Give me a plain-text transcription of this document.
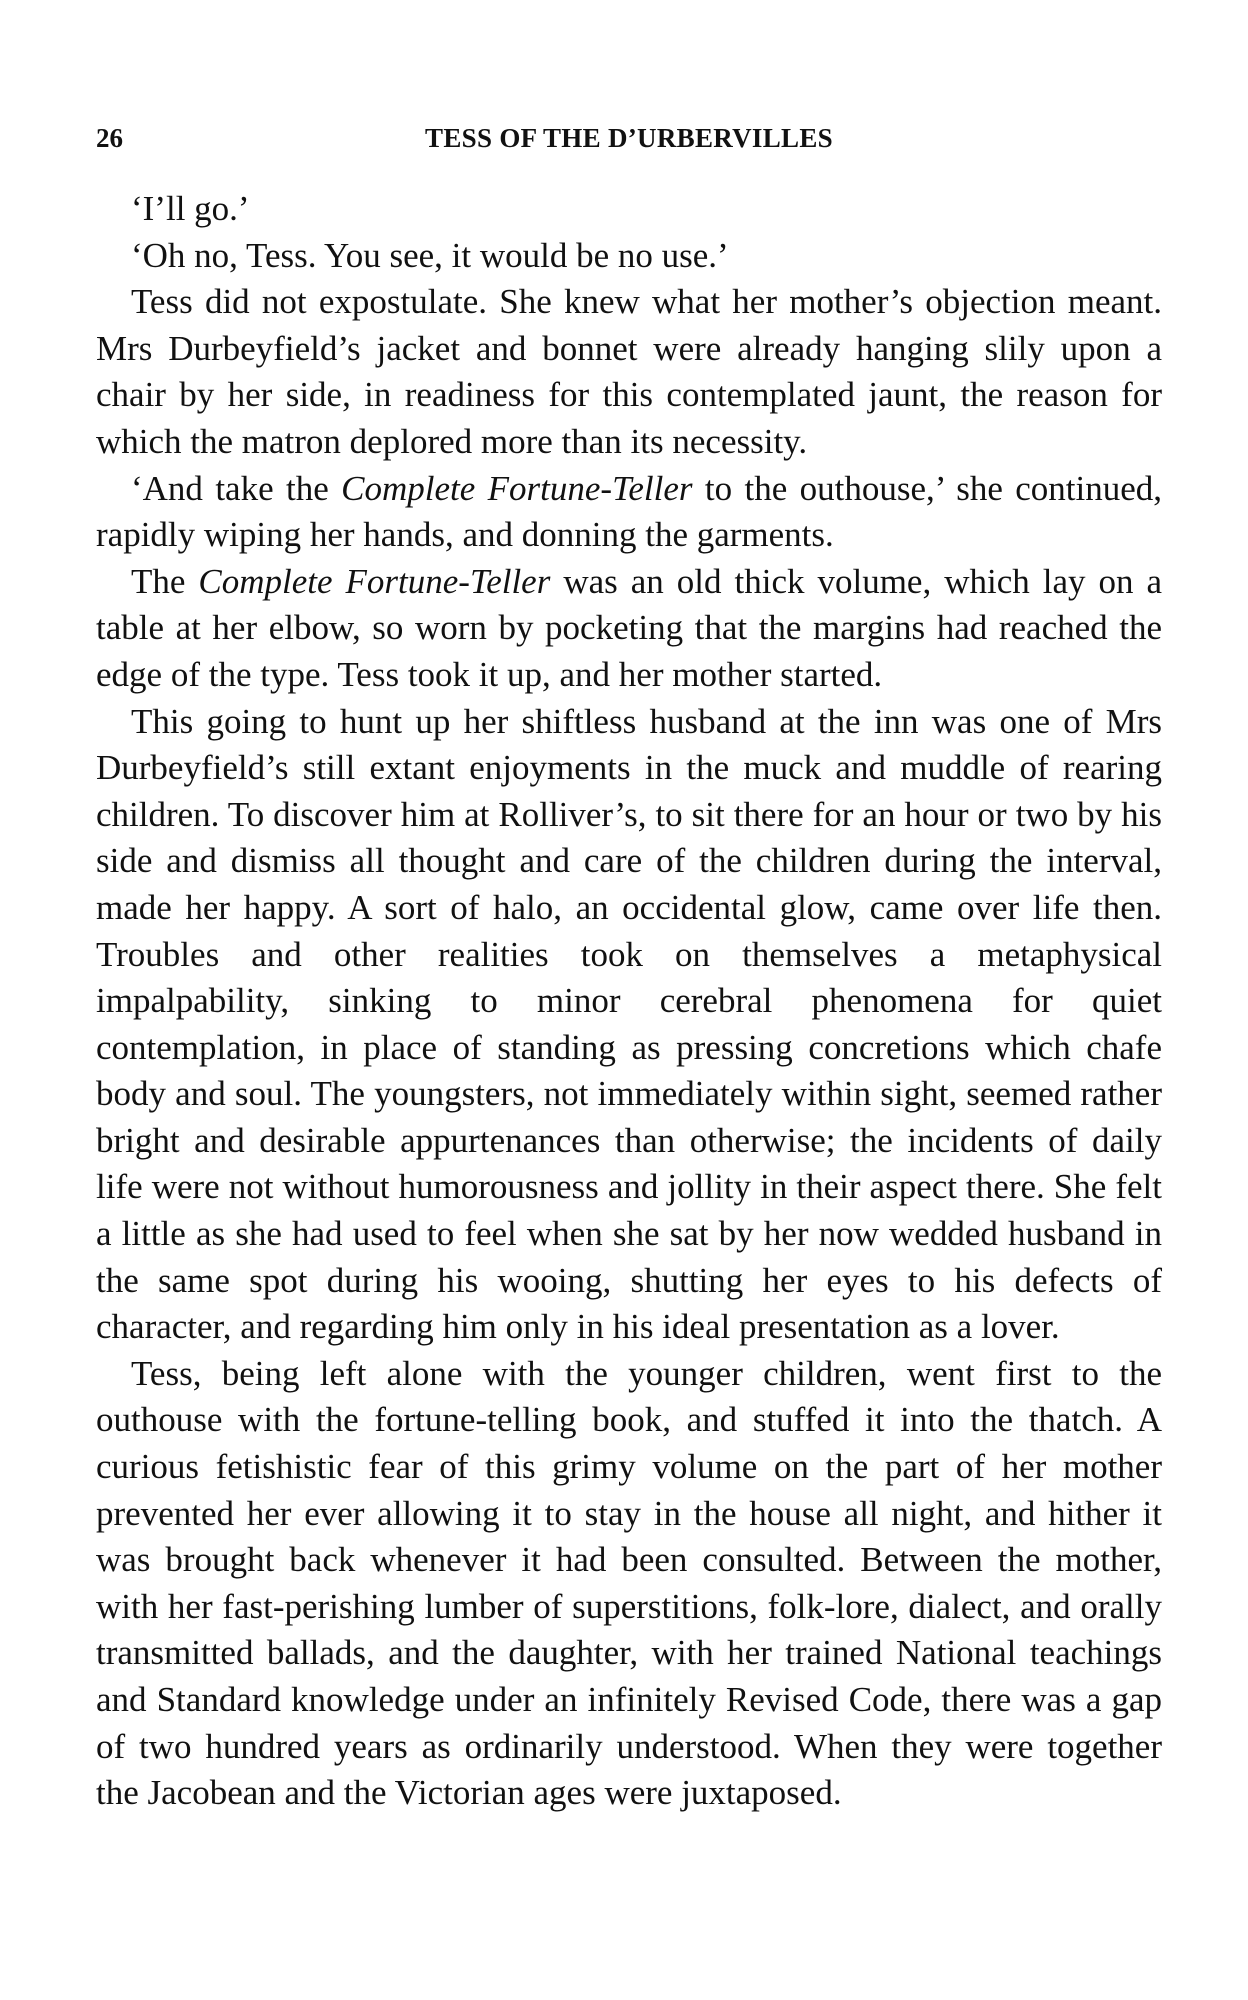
26	TESS OF THE D’URBERVILLES

‘I’ll go.’

‘Oh no, Tess. You see, it would be no use.’

Tess did not expostulate. She knew what her mother’s objection meant. Mrs Durbeyfield’s jacket and bonnet were already hanging slily upon a chair by her side, in readiness for this contemplated jaunt, the reason for which the matron deplored more than its necessity.

‘And take the Complete Fortune-Teller to the outhouse,’ she continued, rapidly wiping her hands, and donning the garments.

The Complete Fortune-Teller was an old thick volume, which lay on a table at her elbow, so worn by pocketing that the margins had reached the edge of the type. Tess took it up, and her mother started.

This going to hunt up her shiftless husband at the inn was one of Mrs Durbeyfield’s still extant enjoyments in the muck and muddle of rearing children. To discover him at Rolliver’s, to sit there for an hour or two by his side and dismiss all thought and care of the children during the interval, made her happy. A sort of halo, an occidental glow, came over life then. Troubles and other realities took on themselves a metaphysical impalpability, sinking to minor cerebral phenomena for quiet contemplation, in place of standing as pressing concretions which chafe body and soul. The youngsters, not immediately within sight, seemed rather bright and desirable appurtenances than otherwise; the incidents of daily life were not without humorousness and jollity in their aspect there. She felt a little as she had used to feel when she sat by her now wedded husband in the same spot during his wooing, shutting her eyes to his defects of character, and regarding him only in his ideal presentation as a lover.

Tess, being left alone with the younger children, went first to the outhouse with the fortune-telling book, and stuffed it into the thatch. A curious fetishistic fear of this grimy volume on the part of her mother prevented her ever allowing it to stay in the house all night, and hither it was brought back whenever it had been consulted. Between the mother, with her fast-perishing lumber of superstitions, folk-lore, dialect, and orally transmitted ballads, and the daughter, with her trained National teachings and Standard knowledge under an infinitely Revised Code, there was a gap of two hundred years as ordinarily understood. When they were together the Jacobean and the Victorian ages were juxtaposed.
